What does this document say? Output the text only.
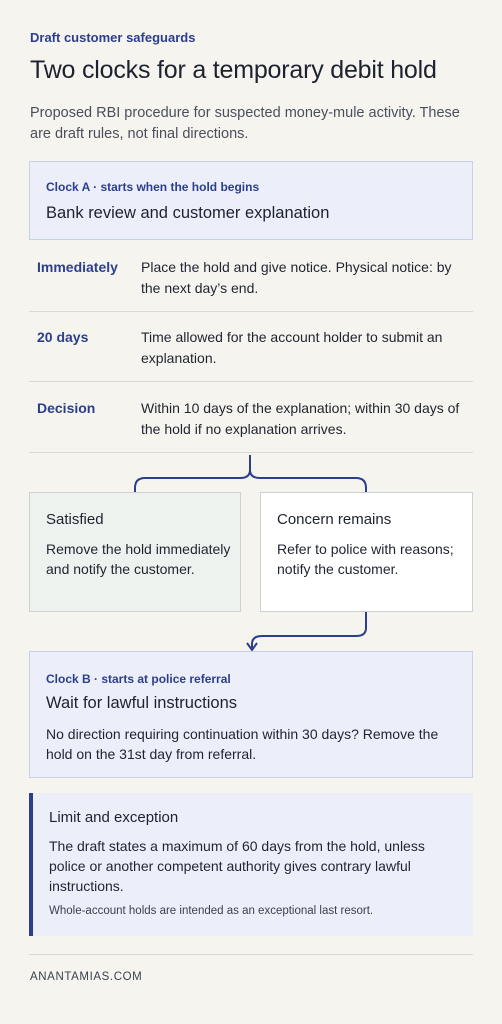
Draft customer safeguards
Two clocks for a temporary debit hold

Proposed RBI procedure for suspected money-mule activity. These are draft rules, not final directions.

Clock A · starts when the hold begins
Bank review and customer explanation
Immediately Place the hold and give notice. Physical notice: by the next day’s end.
20 days	Time allowed for the account holder to submit an explanation.
Decision	Within 10 days of the explanation; within 30 days of the hold if no explanation arrives.
Satisfied
Remove the hold immediately and notify the customer.
Concern remains
Refer to police with reasons; notify the customer.
Clock B · starts at police referral
Wait for lawful instructions
No direction requiring continuation within 30 days? Remove the hold on the 31st day from referral.
Limit and exception
The draft states a maximum of 60 days from the hold, unless police or another competent authority gives contrary lawful instructions.
Whole-account holds are intended as an exceptional last resort.
ANANTAMIAS.COM
